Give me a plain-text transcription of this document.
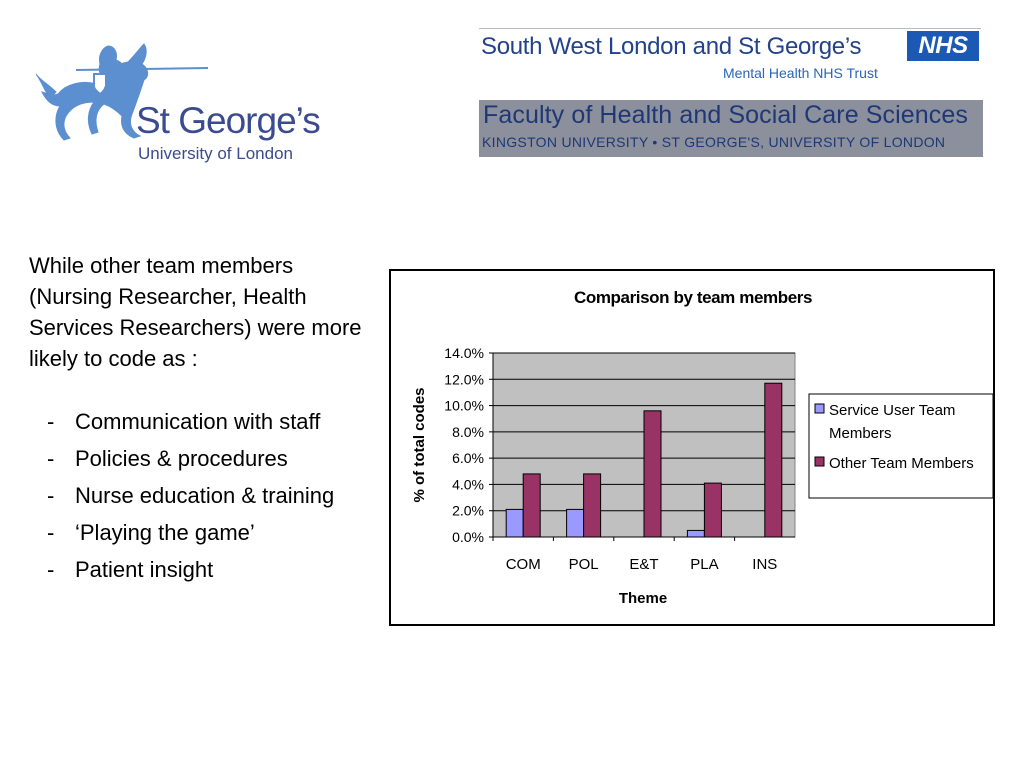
St George’s
University of London
South West London and St George’s	NHS
Mental Health NHS Trust
Faculty of Health and Social Care Sciences
KINGSTON UNIVERSITY • ST GEORGE'S, UNIVERSITY OF LONDON

While other team members (Nursing Researcher, Health Services Researchers) were more likely to code as :

- Communication with staff
- Policies & procedures
- Nurse education & training
- ‘Playing the game’
- Patient insight
Comparison by team members
0.0%
2.0%
4.0%
6.0%
8.0%
10.0%
12.0%
14.0%
COM POL E&T PLA INS
Theme
% of total codes	Service User Team Members
Other Team Members
